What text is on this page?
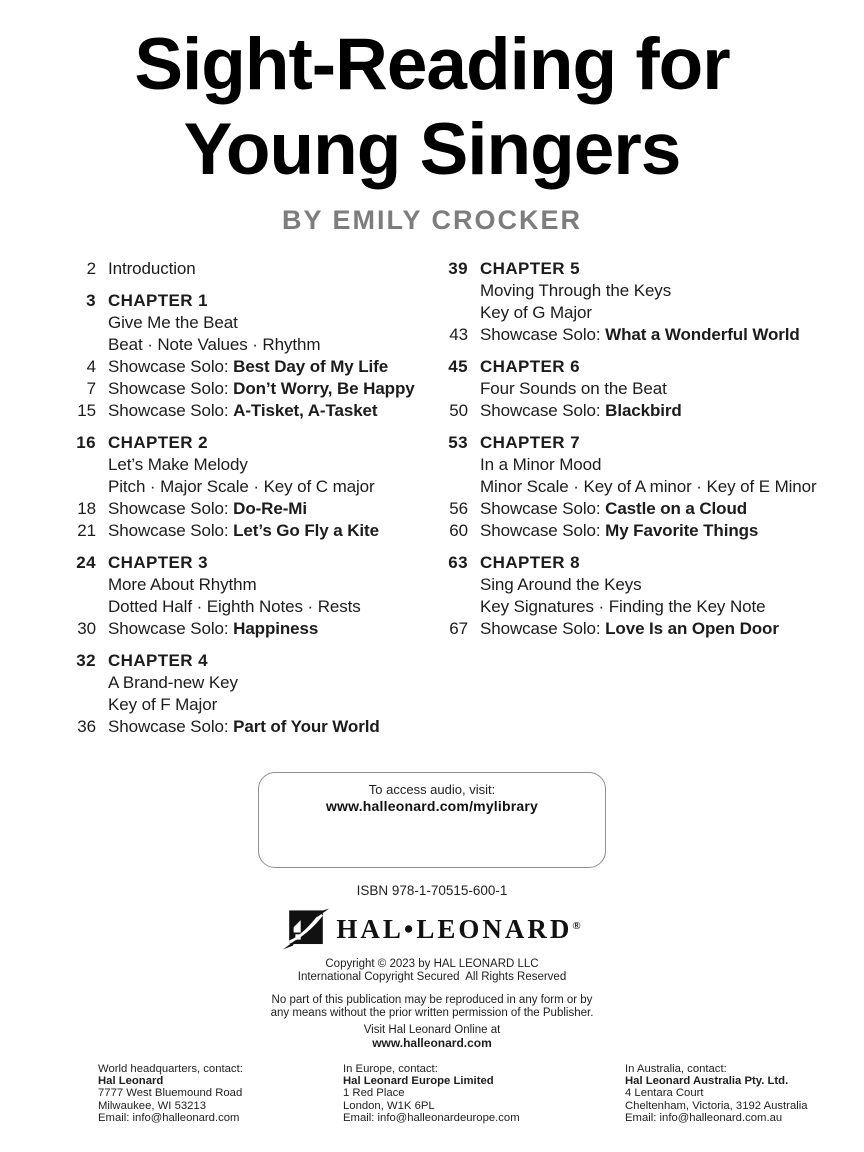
Sight-Reading for
Young Singers
BY EMILY CROCKER
2 Introduction
3 CHAPTER 1
Give Me the Beat
Beat · Note Values · Rhythm
4 Showcase Solo: Best Day of My Life
7 Showcase Solo: Don’t Worry, Be Happy
15 Showcase Solo: A-Tisket, A-Tasket
16 CHAPTER 2
Let’s Make Melody
Pitch · Major Scale · Key of C major
18 Showcase Solo: Do-Re-Mi
21 Showcase Solo: Let’s Go Fly a Kite
24 CHAPTER 3
More About Rhythm
Dotted Half · Eighth Notes · Rests
30 Showcase Solo: Happiness
32 CHAPTER 4
A Brand-new Key
Key of F Major
36 Showcase Solo: Part of Your World
39 CHAPTER 5
Moving Through the Keys
Key of G Major
43 Showcase Solo: What a Wonderful World
45 CHAPTER 6
Four Sounds on the Beat
50 Showcase Solo: Blackbird
53 CHAPTER 7
In a Minor Mood
Minor Scale · Key of A minor · Key of E Minor
56 Showcase Solo: Castle on a Cloud
60 Showcase Solo: My Favorite Things
63 CHAPTER 8
Sing Around the Keys
Key Signatures · Finding the Key Note
67 Showcase Solo: Love Is an Open Door
To access audio, visit:
www.halleonard.com/mylibrary
ISBN 978-1-70515-600-1
HAL•LEONARD®
Copyright © 2023 by HAL LEONARD LLC
International Copyright Secured  All Rights Reserved
No part of this publication may be reproduced in any form or by
any means without the prior written permission of the Publisher.
Visit Hal Leonard Online at
www.halleonard.com
World headquarters, contact:
Hal Leonard
7777 West Bluemound Road
Milwaukee, WI 53213
Email: info@halleonard.com
In Europe, contact:
Hal Leonard Europe Limited
1 Red Place
London, W1K 6PL
Email: info@halleonardeurope.com
In Australia, contact:
Hal Leonard Australia Pty. Ltd.
4 Lentara Court
Cheltenham, Victoria, 3192 Australia
Email: info@halleonard.com.au
